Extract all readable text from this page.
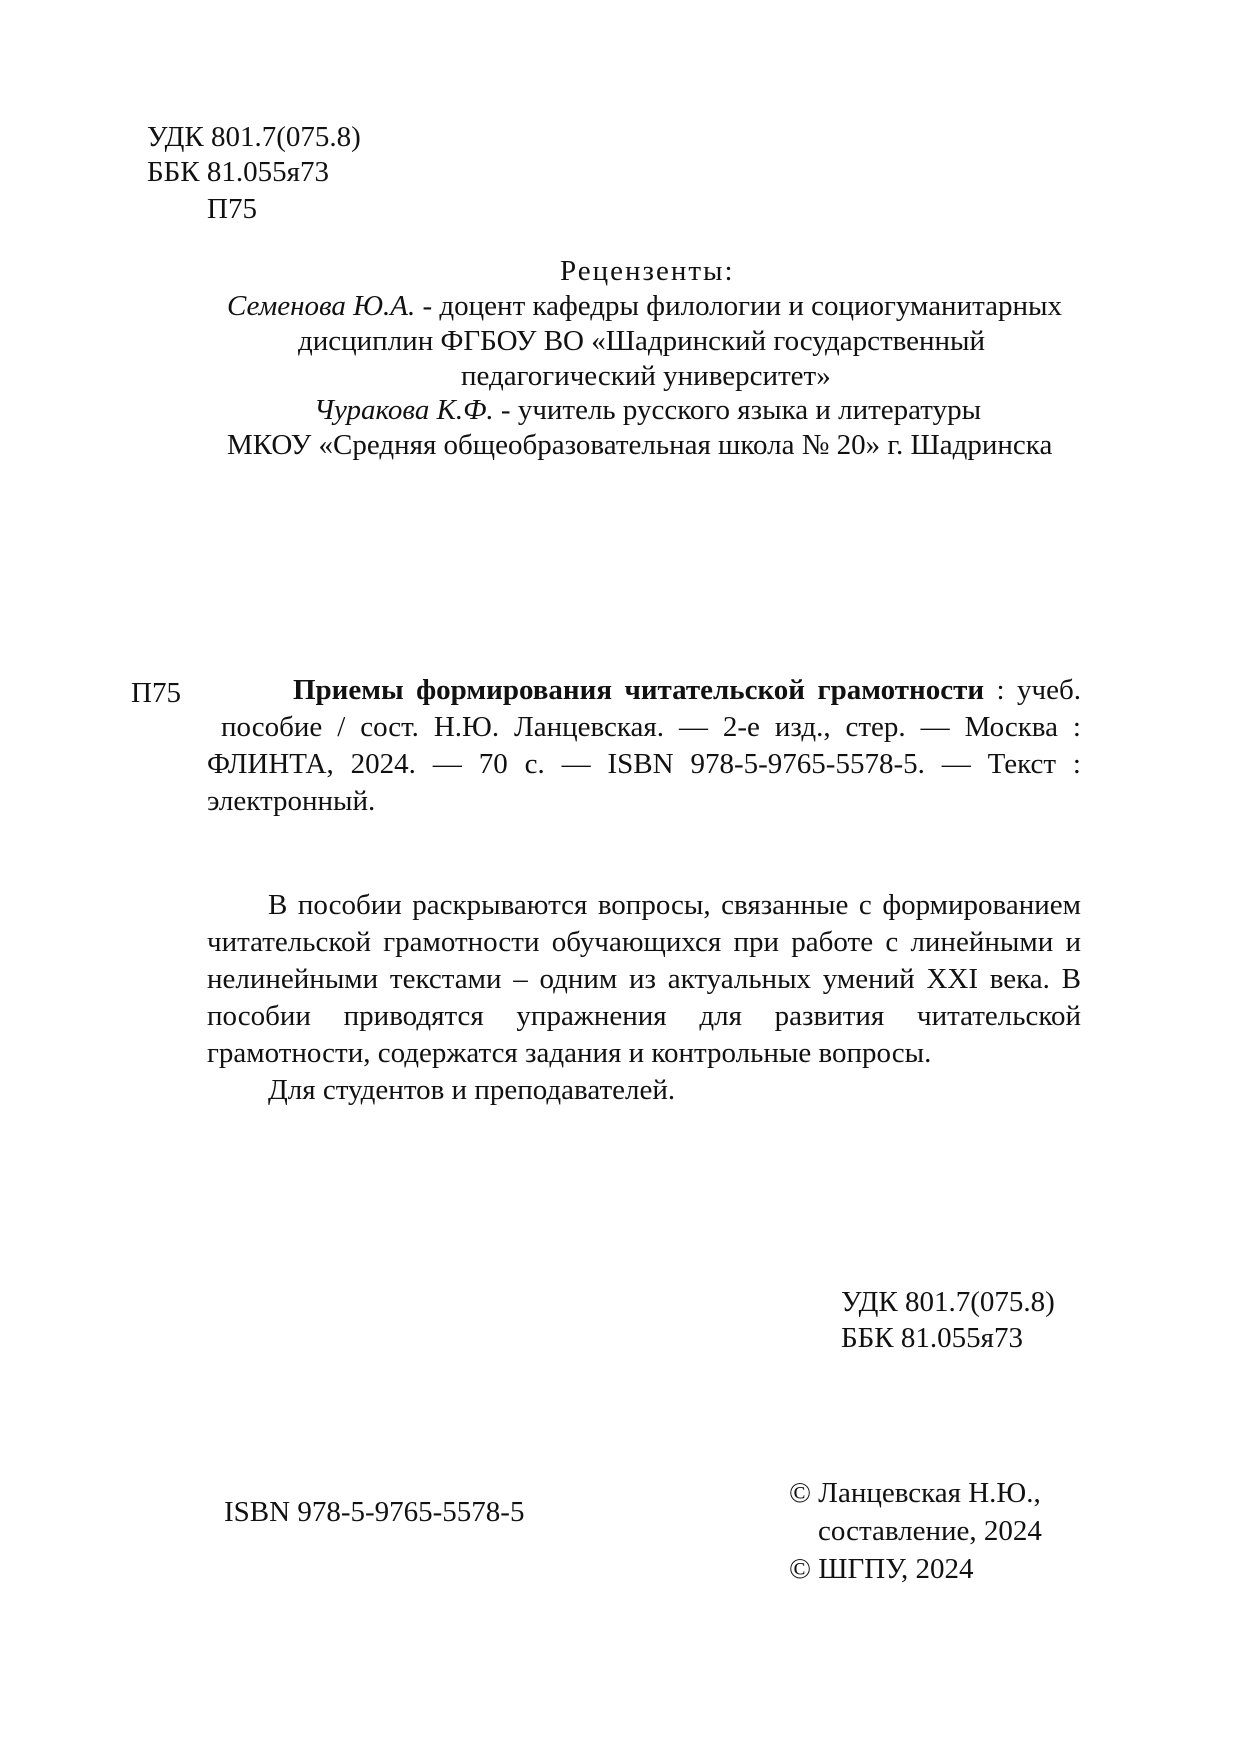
УДК 801.7(075.8)
ББК 81.055я73
П75
Рецензенты:
Семенова Ю.А. - доцент кафедры филологии и социогуманитарных
дисциплин ФГБОУ ВО «Шадринский государственный
педагогический университет»
Чуракова К.Ф. - учитель русского языка и литературы
МКОУ «Средняя общеобразовательная школа № 20» г. Шадринска
П75	Приемы формирования читательской грамотности : учеб.
пособие / сост. Н.Ю. Ланцевская. — 2-е изд., стер. — Москва :
ФЛИНТА, 2024. — 70 с. — ISBN 978-5-9765-5578-5. — Текст :
электронный.
В пособии раскрываются вопросы, связанные с формированием
читательской грамотности обучающихся при работе с линейными и
нелинейными текстами – одним из актуальных умений XXI века. В
пособии приводятся упражнения для развития читательской
грамотности, содержатся задания и контрольные вопросы.
Для студентов и преподавателей.
УДК 801.7(075.8)
ББК 81.055я73
ISBN 978-5-9765-5578-5
© Ланцевская Н.Ю.,
составление, 2024
© ШГПУ, 2024
